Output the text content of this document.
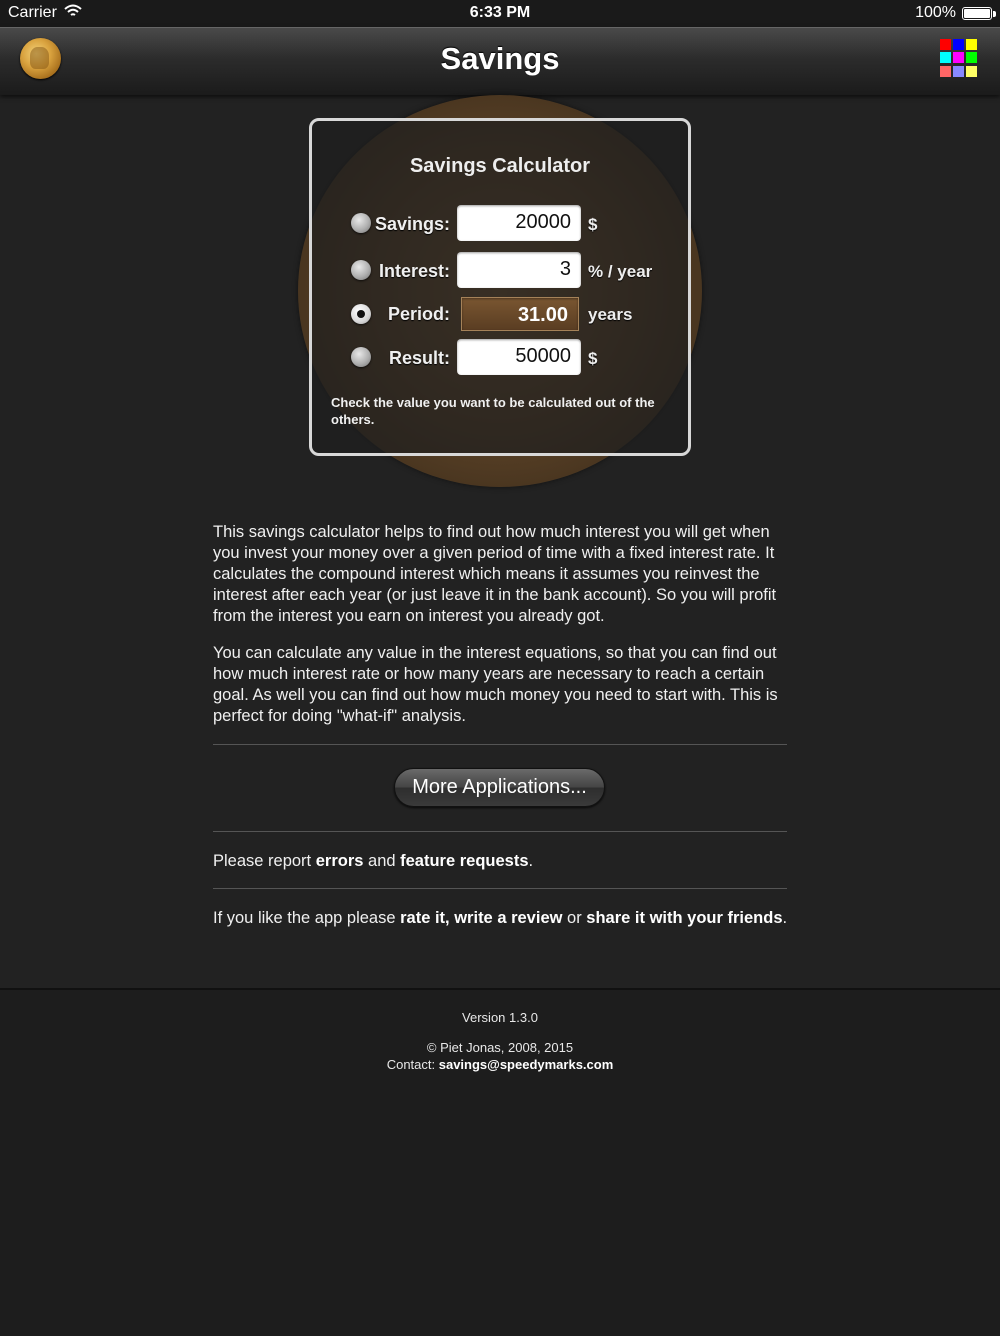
Carrier	6:33 PM	100%
Savings
Savings Calculator
Savings:	20000	$
Interest:	3	% / year
Period:	31.00	years
Result:	50000	$
Check the value you want to be calculated out of the others.

This savings calculator helps to find out how much interest you will get when you invest your money over a given period of time with a fixed interest rate. It calculates the compound interest which means it assumes you reinvest the interest after each year (or just leave it in the bank account). So you will profit from the interest you earn on interest you already got.

You can calculate any value in the interest equations, so that you can find out how much interest rate or how many years are necessary to reach a certain goal. As well you can find out how much money you need to start with. This is perfect for doing "what-if" analysis.

More Applications...
Please report errors and feature requests.
If you like the app please rate it, write a review or share it with your friends.
Version 1.3.0
© Piet Jonas, 2008, 2015
Contact: savings@speedymarks.com
